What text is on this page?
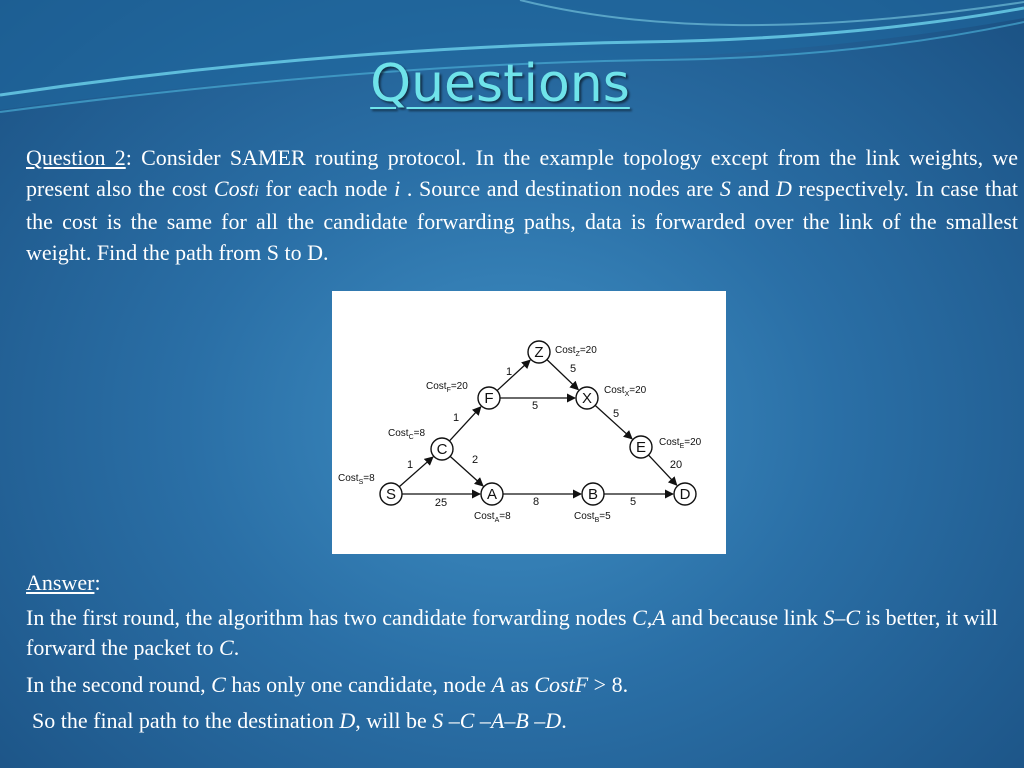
Questions
Question 2: Consider SAMER routing protocol. In the example topology except from the link weights, we present also the cost Costi for each node i . Source and destination nodes are S and D respectively. In case that the cost is the same for all the candidate forwarding paths, data is forwarded over the link of the smallest weight. Find the path from S to D.
1
25
1
2
1
5
5
5
20
8	5
S
Cost$_S$=8
C
Cost$_C$=8
F
Cost$_F$=20
Z Cost$_Z$=20
X Cost$_X$=20
E Cost$_E$=20
A
Cost$_A$=8
B
Cost$_B$=5
D

Answer:

In the first round, the algorithm has two candidate forwarding nodes C,A and because link S–C is better, it will forward the packet to C.

In the second round, C has only one candidate, node A as CostF > 8.

So the final path to the destination D, will be S –C –A–B –D.
